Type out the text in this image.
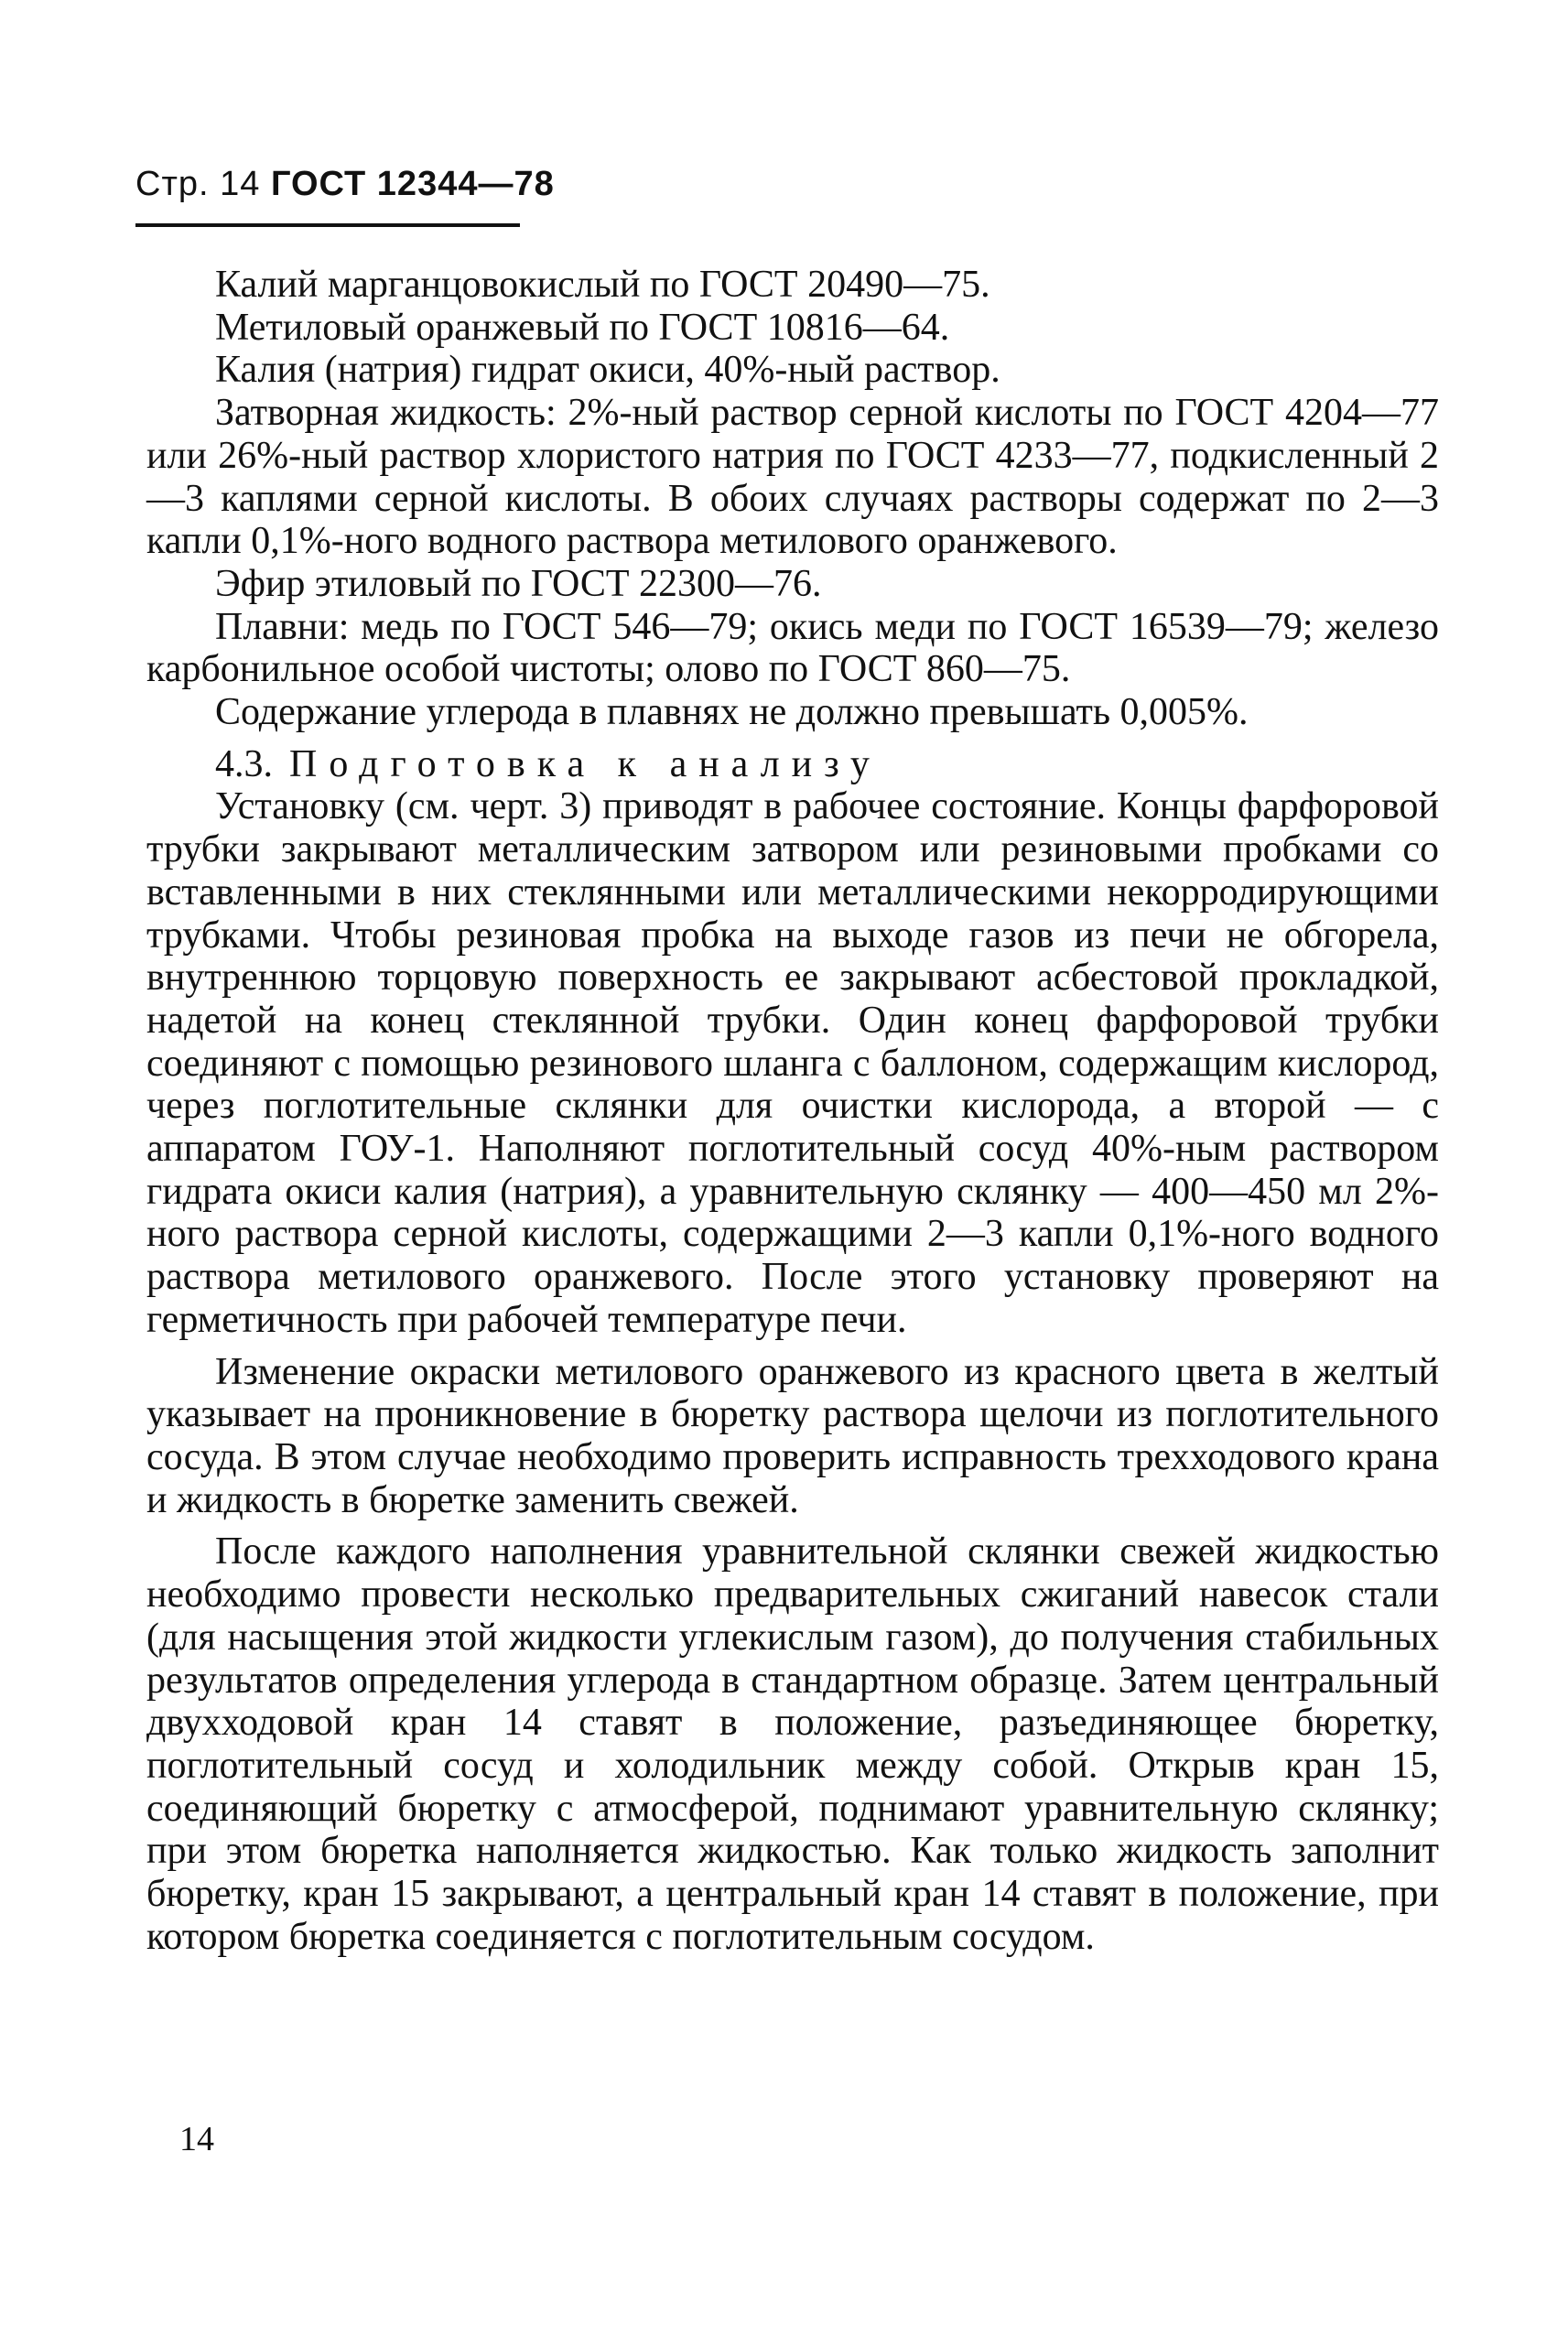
Стр. 14 ГОСТ 12344—78

Калий марганцовокислый по ГОСТ 20490—75.

Метиловый оранжевый по ГОСТ 10816—64.

Калия (натрия) гидрат окиси, 40%-ный раствор.

Затворная жидкость: 2%-ный раствор серной кислоты по ГОСТ 4204—77 или 26%-ный раствор хлористого натрия по ГОСТ 4233—77, подкисленный 2—3 каплями серной кислоты. В обоих случаях растворы содержат по 2—3 капли 0,1%-ного водного раствора метилового оранжевого.

Эфир этиловый по ГОСТ 22300—76.

Плавни: медь по ГОСТ 546—79; окись меди по ГОСТ 16539—79; железо карбонильное особой чистоты; олово по ГОСТ 860—75.

Содержание углерода в плавнях не должно превышать 0,005%.

4.3. Подготовка к анализу

Установку (см. черт. 3) приводят в рабочее состояние. Концы фарфоровой трубки закрывают металлическим затвором или резиновыми пробками со вставленными в них стеклянными или металлическими некорродирующими трубками. Чтобы резиновая пробка на выходе газов из печи не обгорела, внутреннюю торцовую поверхность ее закрывают асбестовой прокладкой, надетой на конец стеклянной трубки. Один конец фарфоровой трубки соединяют с помощью резинового шланга с баллоном, содержащим кислород, через поглотительные склянки для очистки кислорода, а второй — с аппаратом ГОУ-1. Наполняют поглотительный сосуд 40%-ным раствором гидрата окиси калия (натрия), а уравнительную склянку — 400—450 мл 2%-ного раствора серной кислоты, содержащими 2—3 капли 0,1%-ного водного раствора метилового оранжевого. После этого установку проверяют на герметичность при рабочей температуре печи.

Изменение окраски метилового оранжевого из красного цвета в желтый указывает на проникновение в бюретку раствора щелочи из поглотительного сосуда. В этом случае необходимо проверить исправность трехходового крана и жидкость в бюретке заменить свежей.

После каждого наполнения уравнительной склянки свежей жидкостью необходимо провести несколько предварительных сжиганий навесок стали (для насыщения этой жидкости углекислым газом), до получения стабильных результатов определения углерода в стандартном образце. Затем центральный двухходовой кран 14 ставят в положение, разъединяющее бюретку, поглотительный сосуд и холодильник между собой. Открыв кран 15, соединяющий бюретку с атмосферой, поднимают уравнительную склянку; при этом бюретка наполняется жидкостью. Как только жидкость заполнит бюретку, кран 15 закрывают, а центральный кран 14 ставят в положение, при котором бюретка соединяется с поглотительным сосудом.

14
